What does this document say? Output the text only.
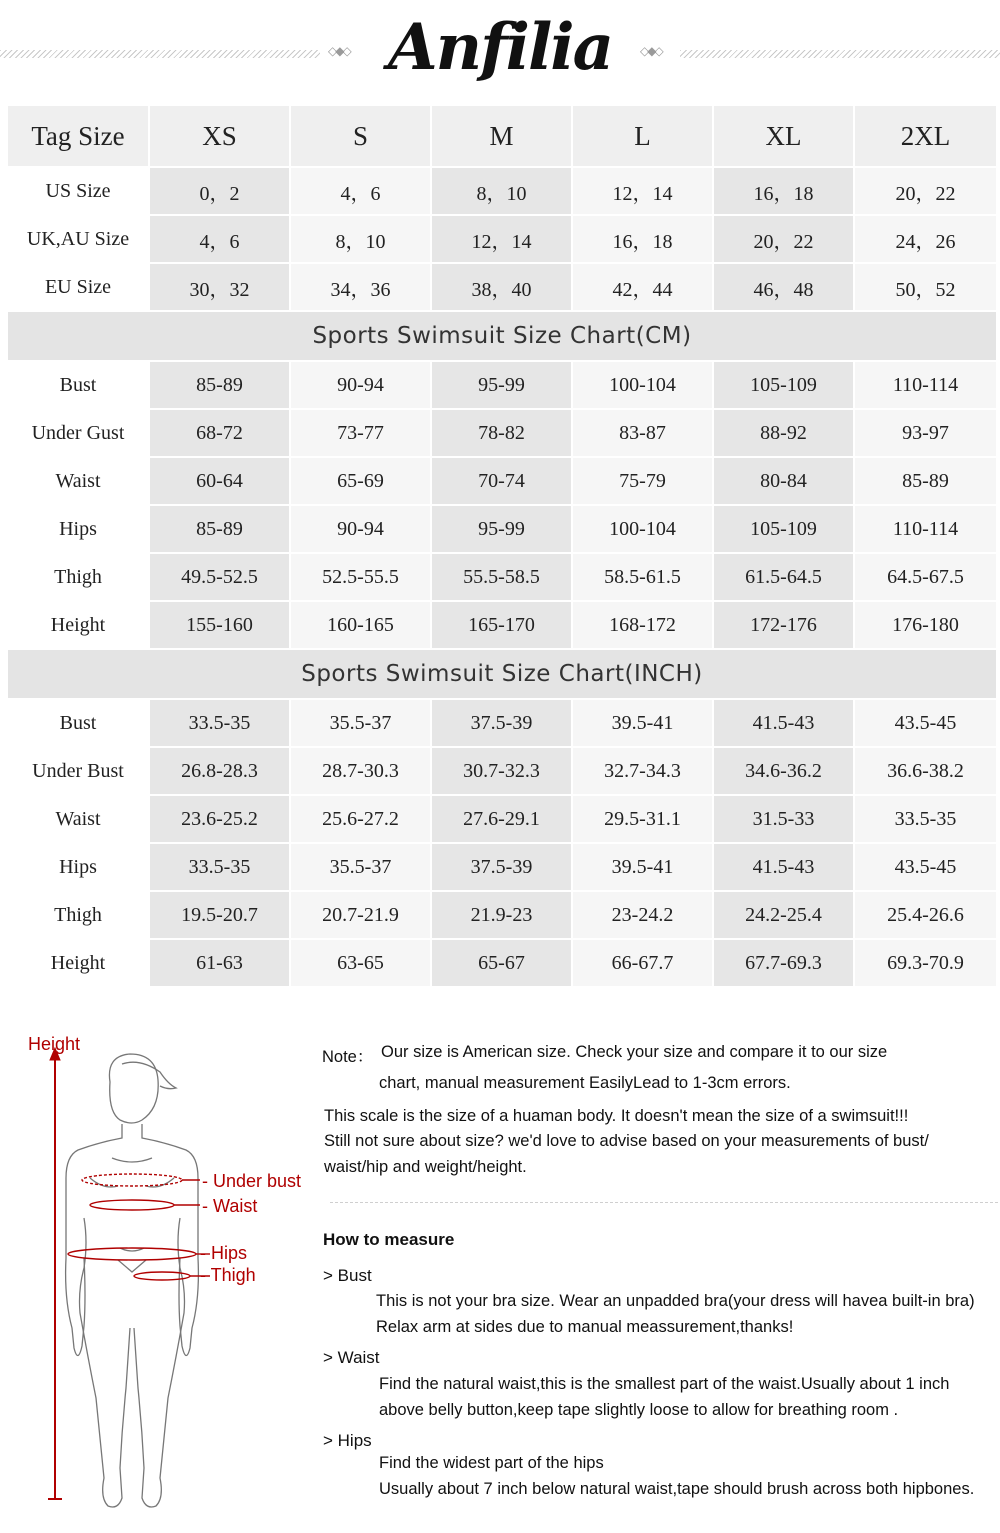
◇◆◇ Anfilia	◇◆◇
Tag Size	XS	S	M	L	XL	2XL
US Size	0，2	4，6	8，10	12，14	16，18	20，22
UK,AU Size	4，6	8，10	12，14	16，18	20，22	24，26
EU Size	30，32	34，36	38，40	42，44	46，48	50，52
Sports Swimsuit Size Chart(CM)						
Bust	85-89	90-94	95-99	100-104	105-109	110-114
Under Gust	68-72	73-77	78-82	83-87	88-92	93-97
Waist	60-64	65-69	70-74	75-79	80-84	85-89
Hips	85-89	90-94	95-99	100-104	105-109	110-114
Thigh	49.5-52.5	52.5-55.5	55.5-58.5	58.5-61.5	61.5-64.5	64.5-67.5
Height	155-160	160-165	165-170	168-172	172-176	176-180
Sports Swimsuit Size Chart(INCH)						
Bust	33.5-35	35.5-37	37.5-39	39.5-41	41.5-43	43.5-45
Under Bust	26.8-28.3	28.7-30.3	30.7-32.3	32.7-34.3	34.6-36.2	36.6-38.2
Waist	23.6-25.2	25.6-27.2	27.6-29.1	29.5-31.1	31.5-33	33.5-35
Hips	33.5-35	35.5-37	37.5-39	39.5-41	41.5-43	43.5-45
Thigh	19.5-20.7	20.7-21.9	21.9-23	23-24.2	24.2-25.4	25.4-26.6
Height	61-63	63-65	65-67	66-67.7	67.7-69.3	69.3-70.9
Height
- Under bust
- Waist
- Hips
- Thigh
Note： Our size is American size. Check your size and compare it to our size
chart, manual measurement EasilyLead to 1-3cm errors.
This scale is the size of a huaman body. It doesn't mean the size of a swimsuit!!!
Still not sure about size? we'd love to advise based on your measurements of bust/
waist/hip and weight/height.
How to measure
> Bust
This is not your bra size. Wear an unpadded bra(your dress will havea built-in bra)
Relax arm at sides due to manual meassurement,thanks!
> Waist
Find the natural waist,this is the smallest part of the waist.Usually about 1 inch
above belly button,keep tape slightly loose to allow for breathing room .
> Hips
Find the widest part of the hips
Usually about 7 inch below natural waist,tape should brush across both hipbones.
